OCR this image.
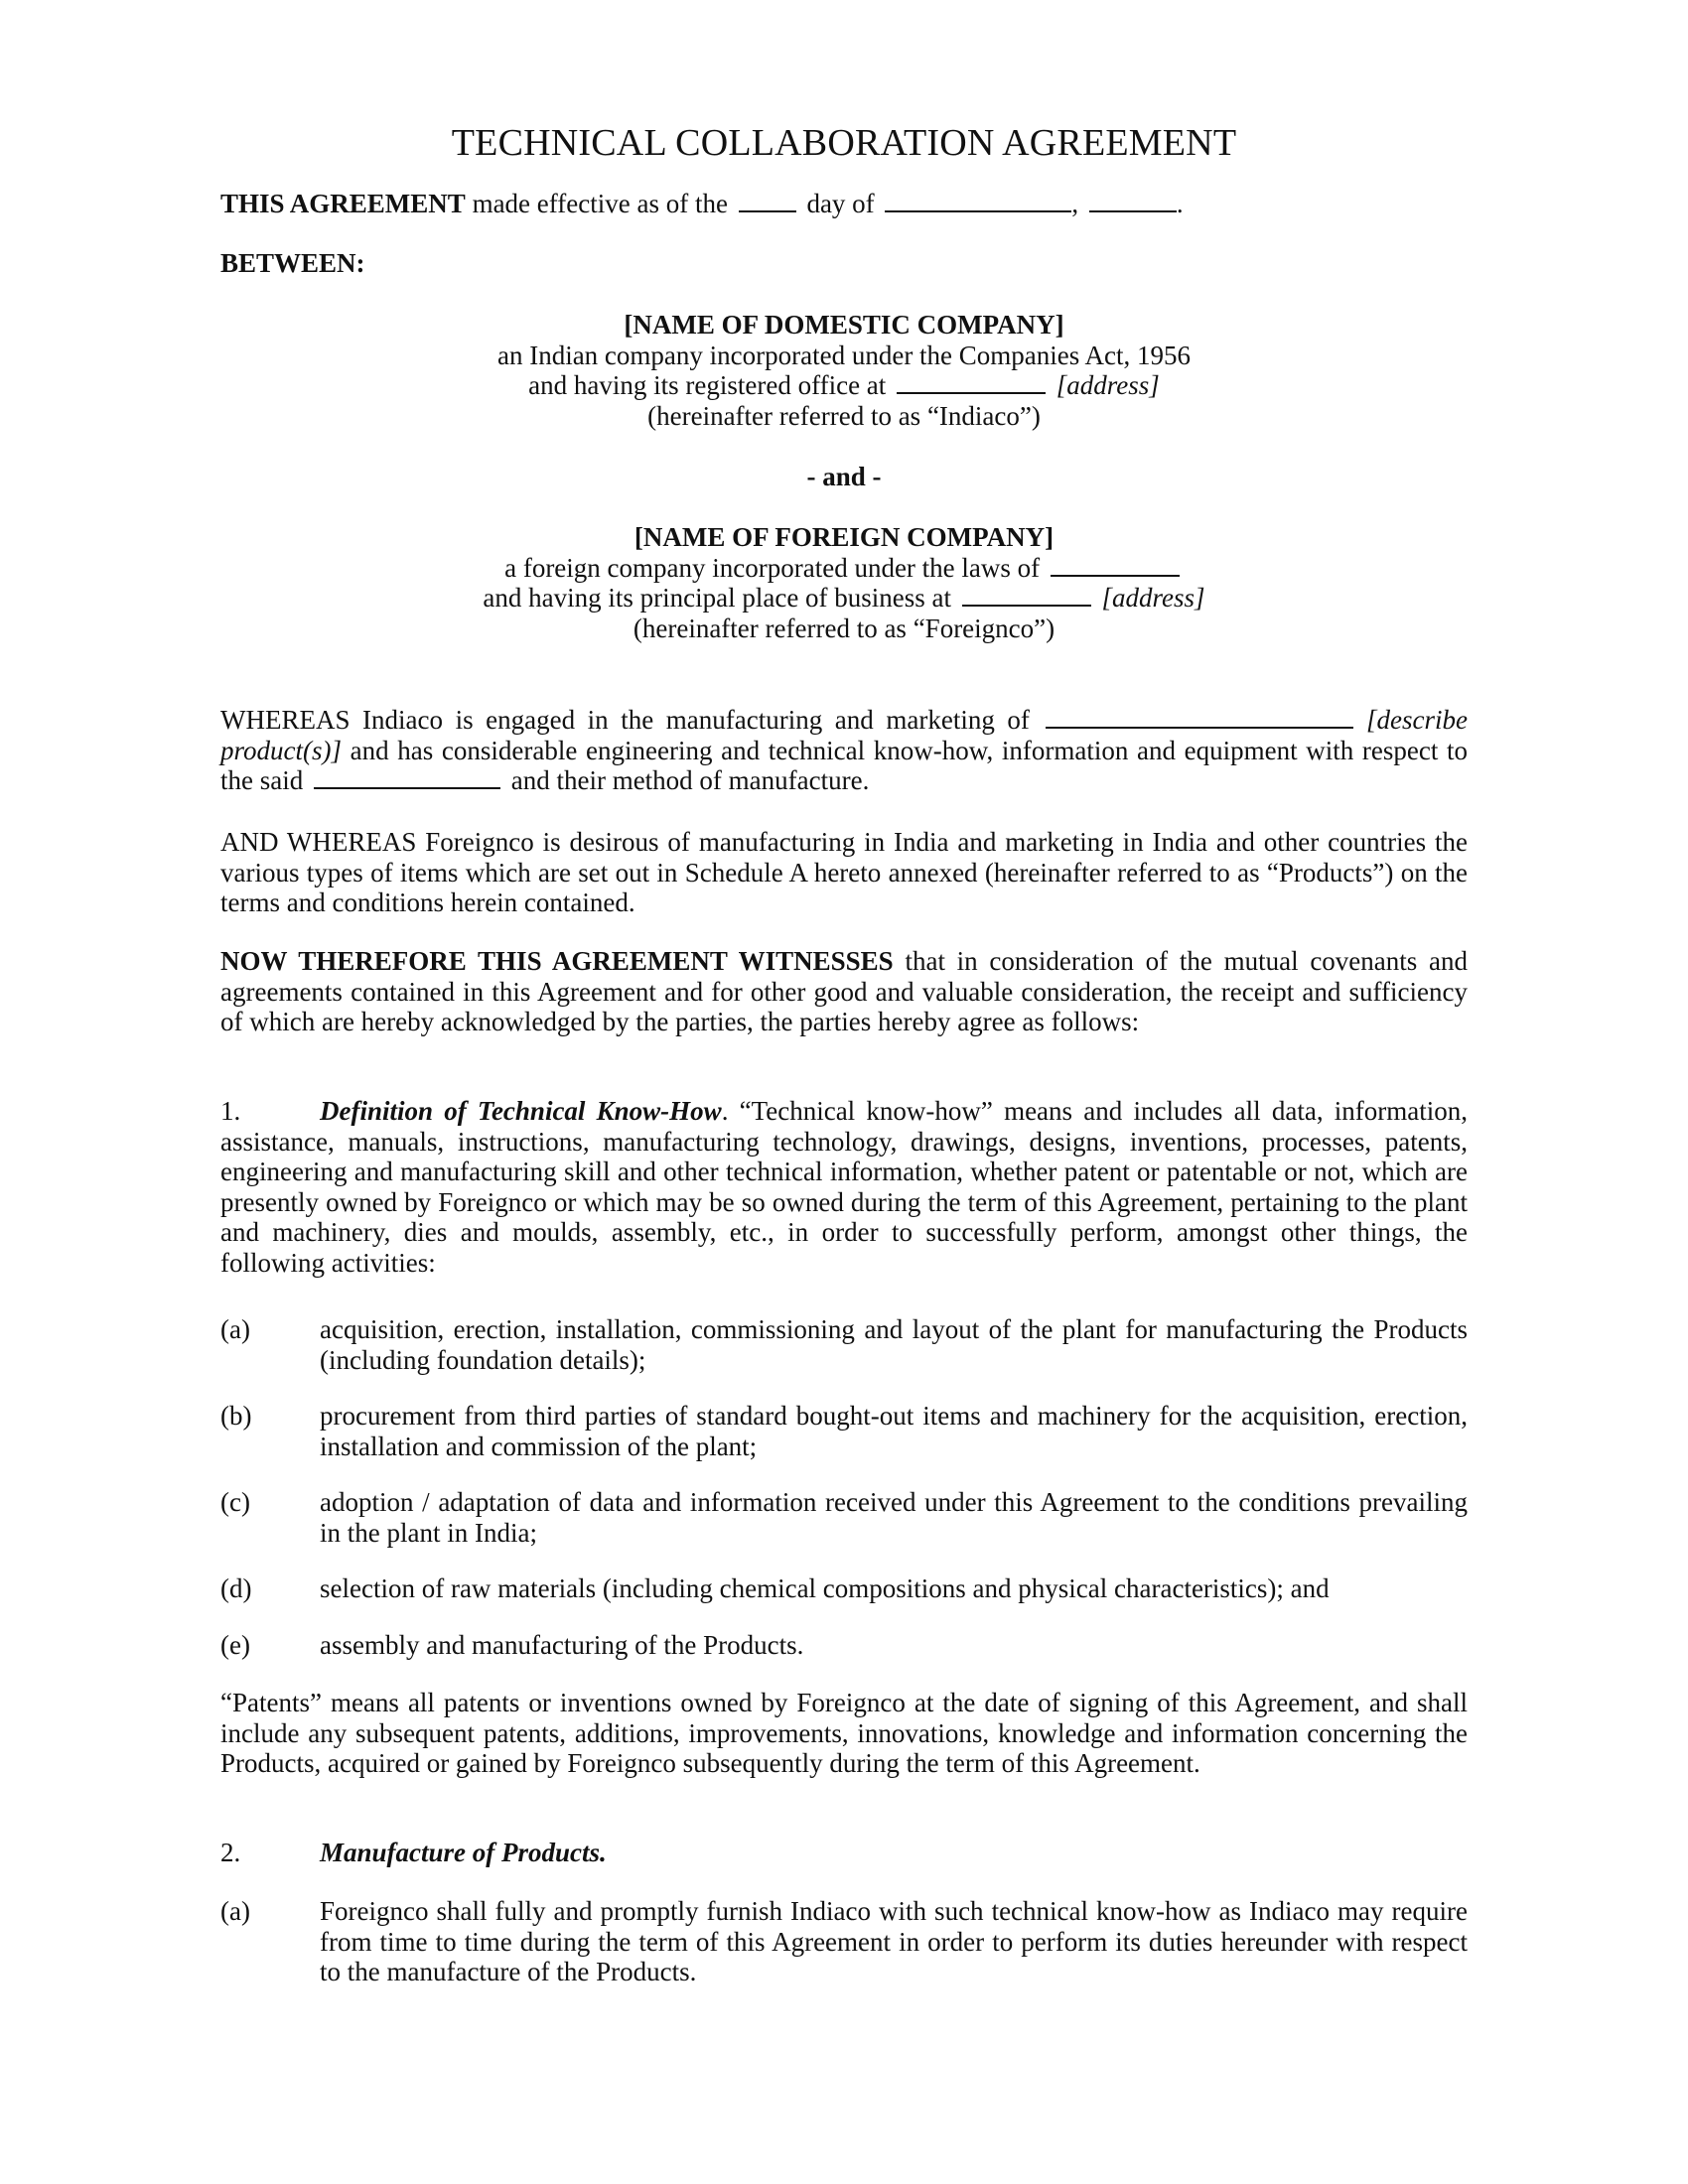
TECHNICAL COLLABORATION AGREEMENT
THIS AGREEMENT made effective as of the	day of	,	.
BETWEEN:
[NAME OF DOMESTIC COMPANY]
an Indian company incorporated under the Companies Act, 1956
and having its registered office at	[address]
(hereinafter referred to as “Indiaco”)
- and -
[NAME OF FOREIGN COMPANY]
a foreign company incorporated under the laws of
and having its principal place of business at	[address]
(hereinafter referred to as “Foreignco”)
WHEREAS Indiaco is engaged in the manufacturing and marketing of	[describe product(s)] and has considerable engineering and technical know-how, information and equipment with respect to the said	and their method of manufacture.
AND WHEREAS Foreignco is desirous of manufacturing in India and marketing in India and other countries the various types of items which are set out in Schedule A hereto annexed (hereinafter referred to as “Products”) on the terms and conditions herein contained.
NOW THEREFORE THIS AGREEMENT WITNESSES that in consideration of the mutual covenants and agreements contained in this Agreement and for other good and valuable consideration, the receipt and sufficiency of which are hereby acknowledged by the parties, the parties hereby agree as follows:
1.	Definition of Technical Know-How. “Technical know-how” means and includes all data, information, assistance, manuals, instructions, manufacturing technology, drawings, designs, inventions, processes, patents, engineering and manufacturing skill and other technical information, whether patent or patentable or not, which are presently owned by Foreignco or which may be so owned during the term of this Agreement, pertaining to the plant and machinery, dies and moulds, assembly, etc., in order to successfully perform, amongst other things, the following activities:
(a)	acquisition, erection, installation, commissioning and layout of the plant for manufacturing the Products (including foundation details);
(b)	procurement from third parties of standard bought-out items and machinery for the acquisition, erection, installation and commission of the plant;
(c)	adoption / adaptation of data and information received under this Agreement to the conditions prevailing in the plant in India;
(d)	selection of raw materials (including chemical compositions and physical characteristics); and
(e)	assembly and manufacturing of the Products.
“Patents” means all patents or inventions owned by Foreignco at the date of signing of this Agreement, and shall include any subsequent patents, additions, improvements, innovations, knowledge and information concerning the Products, acquired or gained by Foreignco subsequently during the term of this Agreement.
2.	Manufacture of Products.
(a)	Foreignco shall fully and promptly furnish Indiaco with such technical know-how as Indiaco may require from time to time during the term of this Agreement in order to perform its duties hereunder with respect to the manufacture of the Products.
